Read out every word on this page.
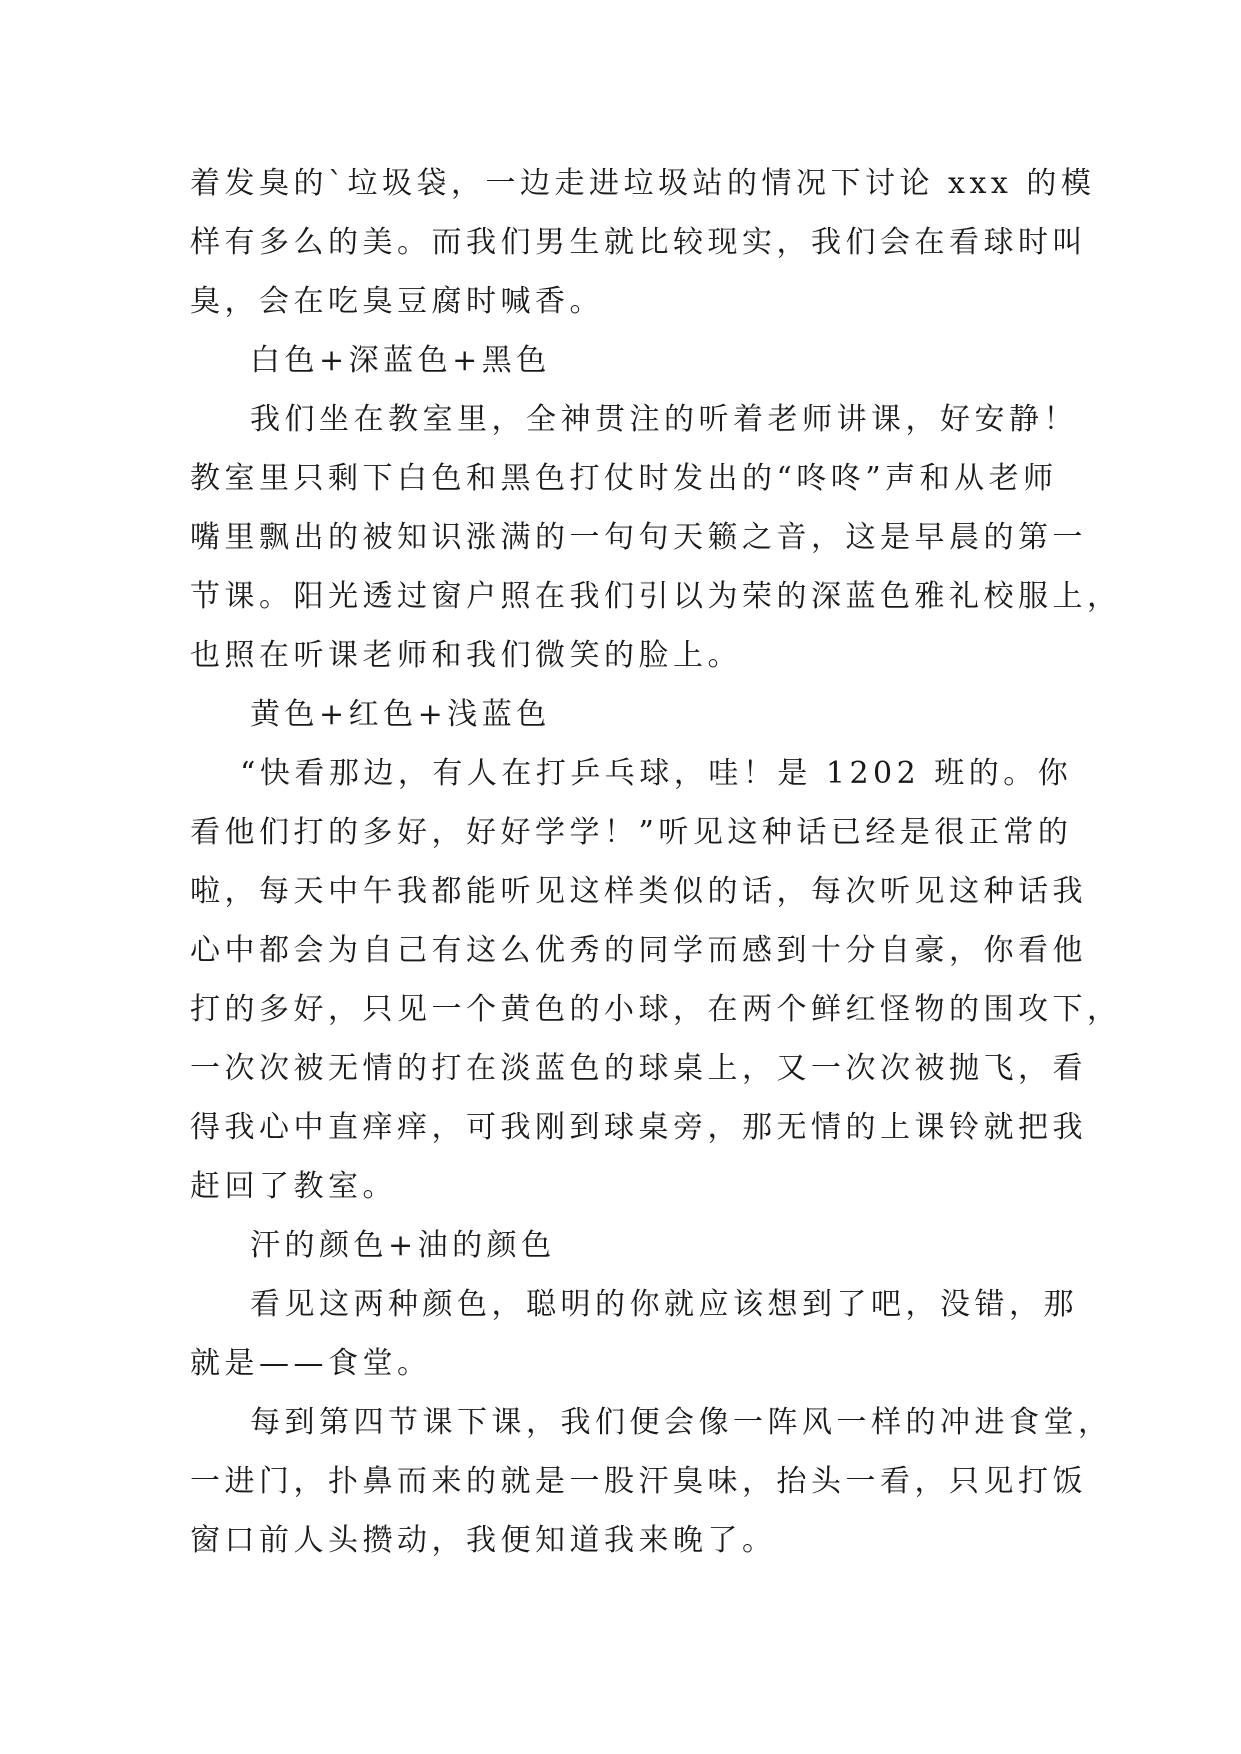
着发臭的`垃圾袋，一边走进垃圾站的情况下讨论 xxx 的模
样有多么的美。而我们男生就比较现实，我们会在看球时叫
臭，会在吃臭豆腐时喊香。
白色+深蓝色+黑色
我们坐在教室里，全神贯注的听着老师讲课，好安静！
教室里只剩下白色和黑色打仗时发出的“咚咚”声和从老师
嘴里飘出的被知识涨满的一句句天籁之音，这是早晨的第一
节课。阳光透过窗户照在我们引以为荣的深蓝色雅礼校服上，
也照在听课老师和我们微笑的脸上。
黄色+红色+浅蓝色
“快看那边，有人在打乒乓球，哇！是 1202 班的。你
看他们打的多好，好好学学！”听见这种话已经是很正常的
啦，每天中午我都能听见这样类似的话，每次听见这种话我
心中都会为自己有这么优秀的同学而感到十分自豪，你看他
打的多好，只见一个黄色的小球，在两个鲜红怪物的围攻下，
一次次被无情的打在淡蓝色的球桌上，又一次次被抛飞，看
得我心中直痒痒，可我刚到球桌旁，那无情的上课铃就把我
赶回了教室。
汗的颜色+油的颜色
看见这两种颜色，聪明的你就应该想到了吧，没错，那
就是——食堂。
每到第四节课下课，我们便会像一阵风一样的冲进食堂，
一进门，扑鼻而来的就是一股汗臭味，抬头一看，只见打饭
窗口前人头攒动，我便知道我来晚了。
